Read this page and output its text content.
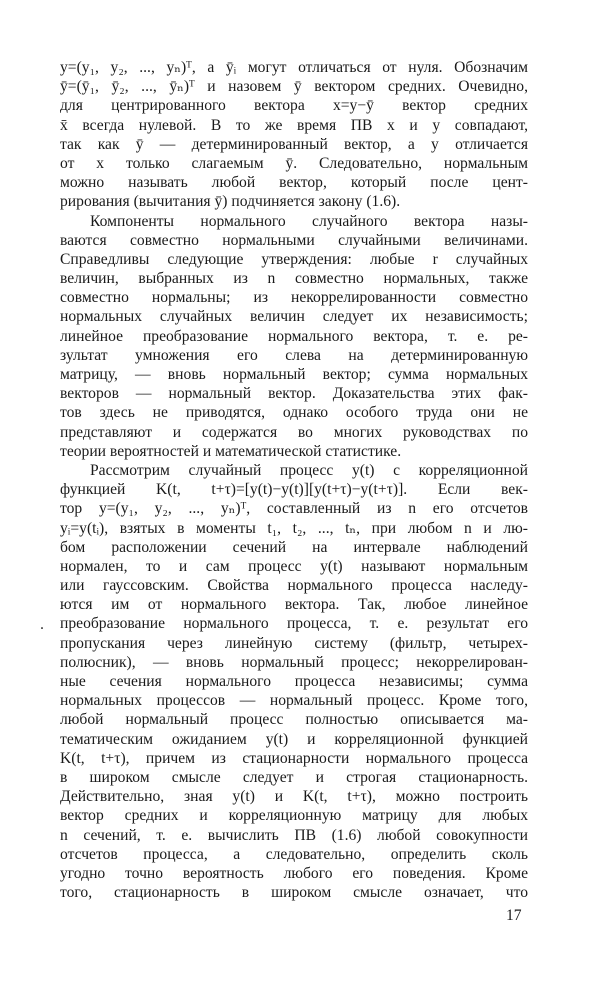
y=(y₁, y₂, ..., yₙ)ᵀ, а ȳᵢ могут отличаться от нуля. Обозначим
ȳ=(ȳ₁, ȳ₂, ..., ȳₙ)ᵀ и назовем ȳ вектором средних. Очевидно,
для центрированного вектора x=y−ȳ вектор средних
x̄ всегда нулевой. В то же время ПВ x и y совпадают,
так как ȳ — детерминированный вектор, а y отличается
от x только слагаемым ȳ. Следовательно, нормальным
можно называть любой вектор, который после цент-
рирования (вычитания ȳ) подчиняется закону (1.6).
Компоненты нормального случайного вектора назы-
ваются совместно нормальными случайными величинами.
Справедливы следующие утверждения: любые r случайных
величин, выбранных из n совместно нормальных, также
совместно нормальны; из некоррелированности совместно
нормальных случайных величин следует их независимость;
линейное преобразование нормального вектора, т. е. ре-
зультат умножения его слева на детерминированную
матрицу, — вновь нормальный вектор; сумма нормальных
векторов — нормальный вектор. Доказательства этих фак-
тов здесь не приводятся, однако особого труда они не
представляют и содержатся во многих руководствах по
теории вероятностей и математической статистике.
Рассмотрим случайный процесс y(t) с корреляционной
функцией K(t, t+τ)=[y(t)−y(t)][y(t+τ)−y(t+τ)]. Если век-
тор y=(y₁, y₂, ..., yₙ)ᵀ, составленный из n его отсчетов
yᵢ=y(tᵢ), взятых в моменты t₁, t₂, ..., tₙ, при любом n и лю-
бом расположении сечений на интервале наблюдений
нормален, то и сам процесс y(t) называют нормальным
или гауссовским. Свойства нормального процесса наследу-
ются им от нормального вектора. Так, любое линейное
преобразование нормального процесса, т. е. результат его
пропускания через линейную систему (фильтр, четырех-
полюсник), — вновь нормальный процесс; некоррелирован-
ные сечения нормального процесса независимы; сумма
нормальных процессов — нормальный процесс. Кроме того,
любой нормальный процесс полностью описывается ма-
тематическим ожиданием y(t) и корреляционной функцией
K(t, t+τ), причем из стационарности нормального процесса
в широком смысле следует и строгая стационарность.
Действительно, зная y(t) и K(t, t+τ), можно построить
вектор средних и корреляционную матрицу для любых
n сечений, т. е. вычислить ПВ (1.6) любой совокупности
отсчетов процесса, а следовательно, определить сколь
угодно точно вероятность любого его поведения. Кроме
того, стационарность в широком смысле означает, что
.
17
